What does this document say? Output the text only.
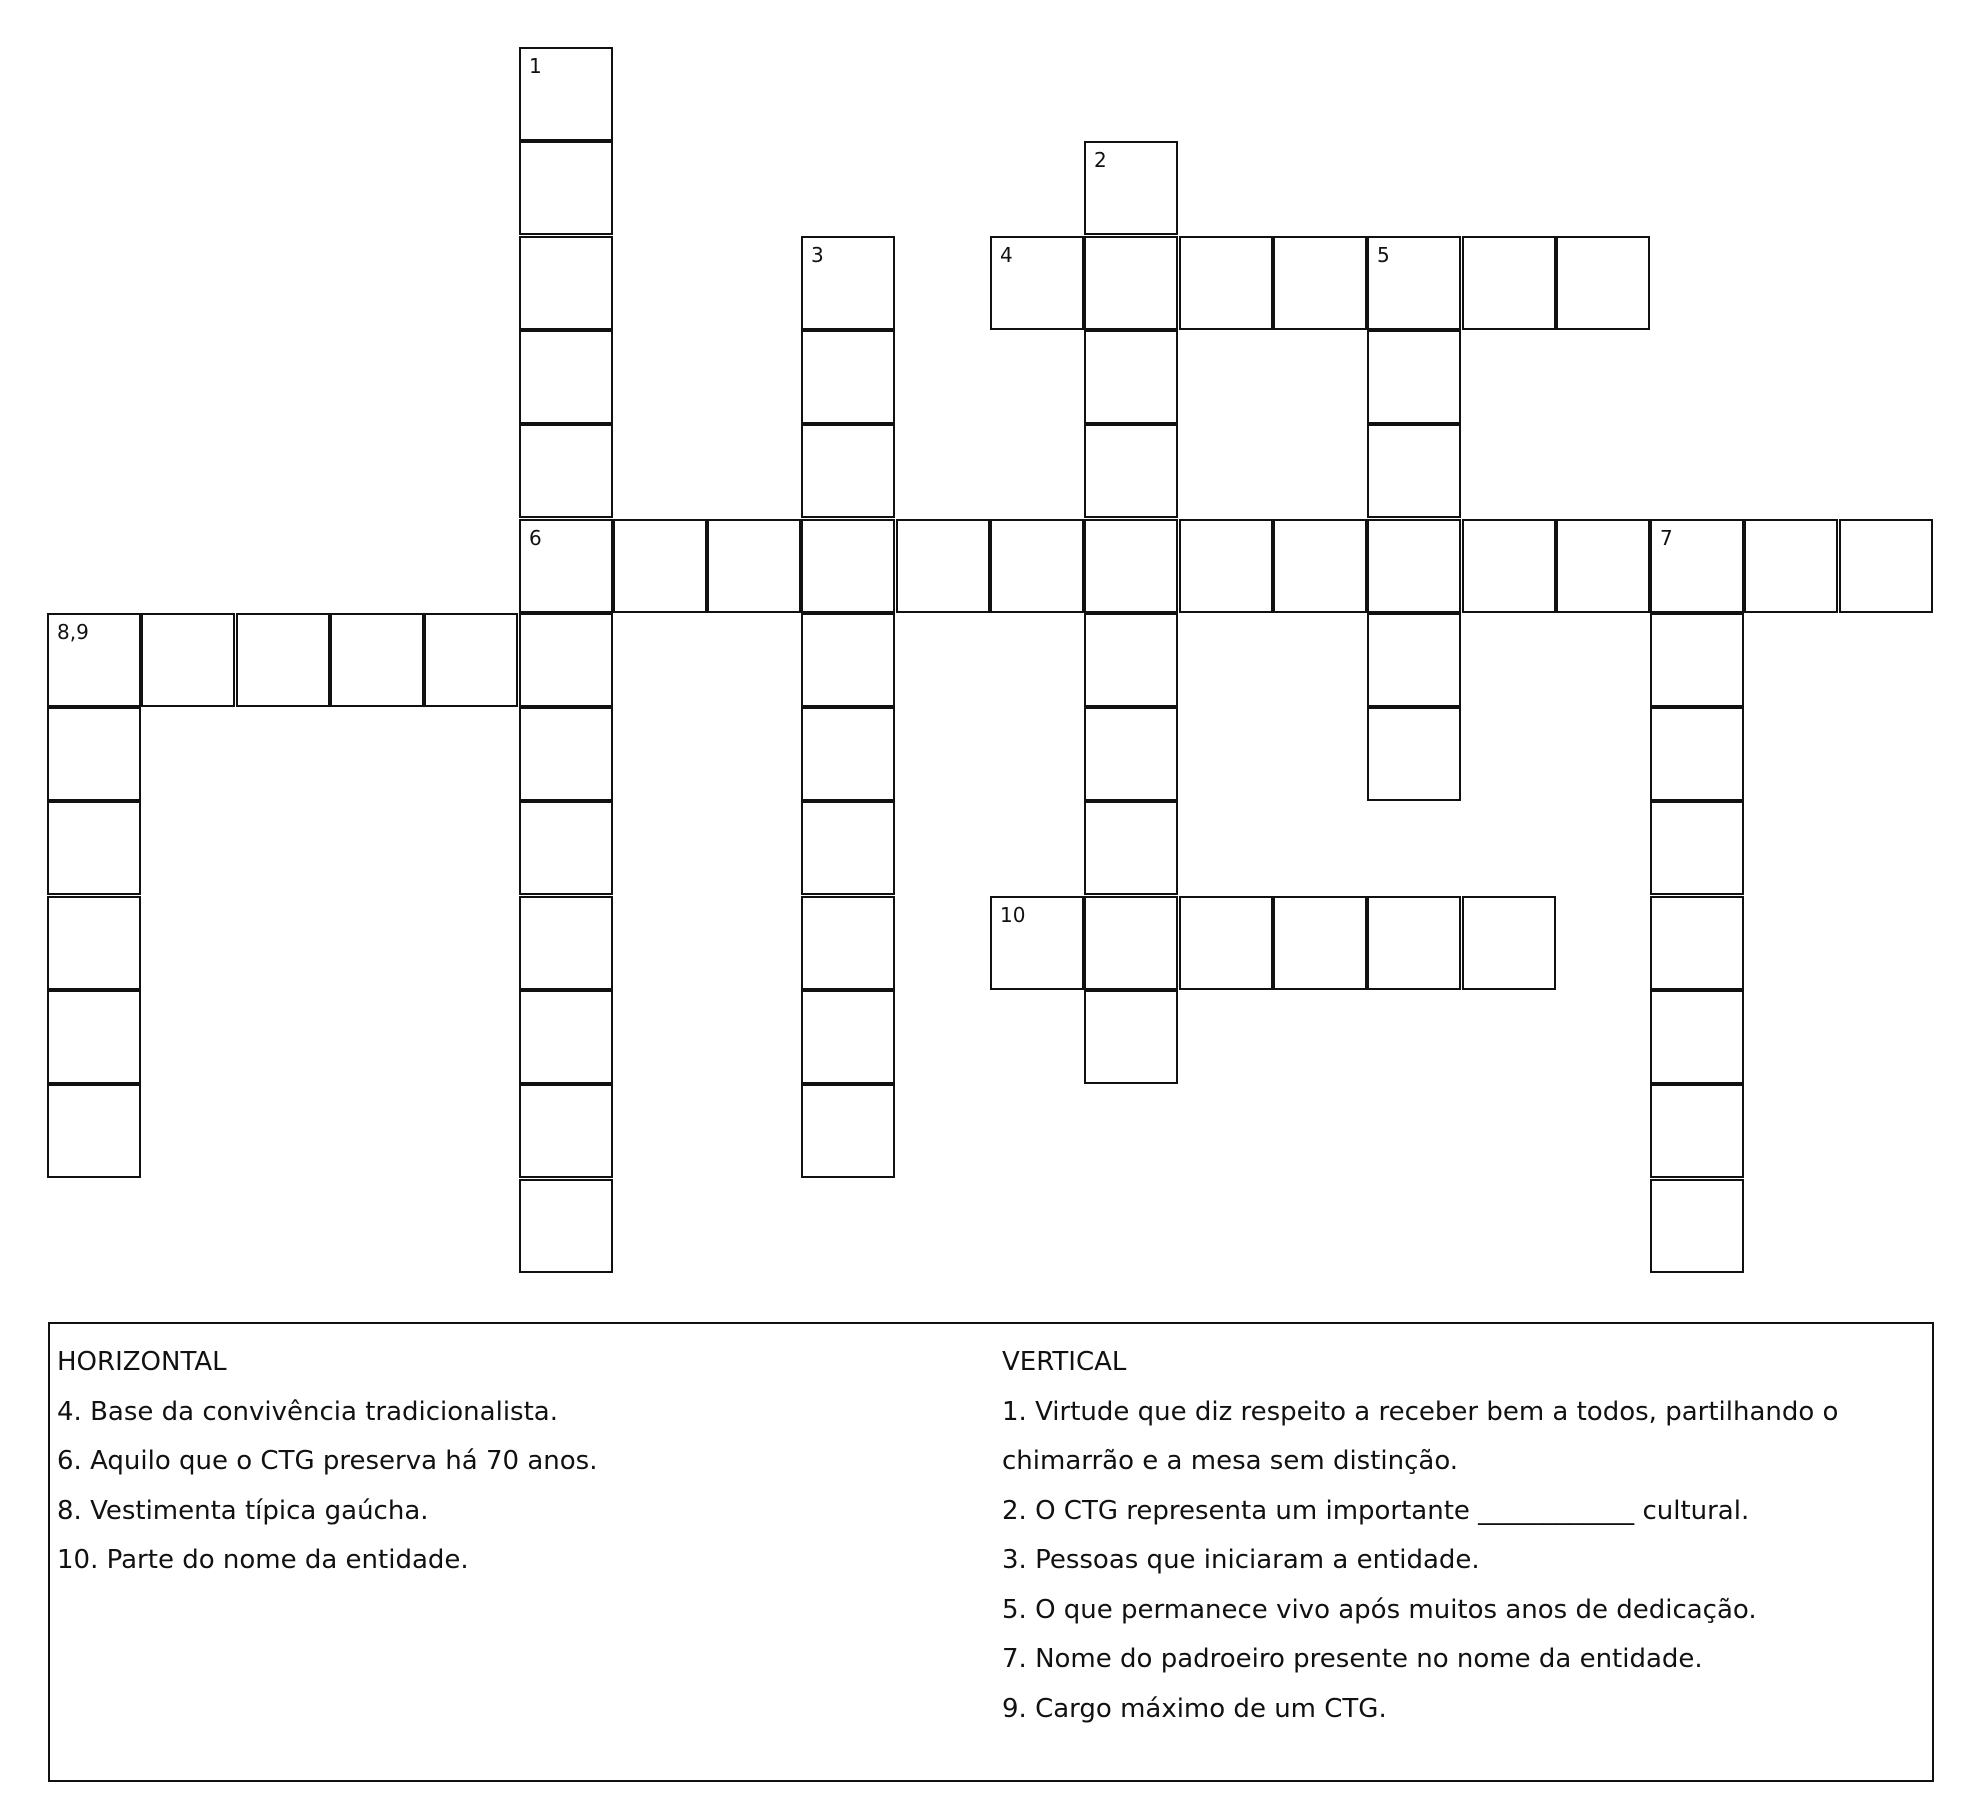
1
6
2
3	4	5
7
8,9
10
HORIZONTAL
4. Base da convivência tradicionalista.
6. Aquilo que o CTG preserva há 70 anos.
8. Vestimenta típica gaúcha.
10. Parte do nome da entidade.
VERTICAL
1. Virtude que diz respeito a receber bem a todos, partilhando o
chimarrão e a mesa sem distinção.
2. O CTG representa um importante ____________ cultural.
3. Pessoas que iniciaram a entidade.
5. O que permanece vivo após muitos anos de dedicação.
7. Nome do padroeiro presente no nome da entidade.
9. Cargo máximo de um CTG.
